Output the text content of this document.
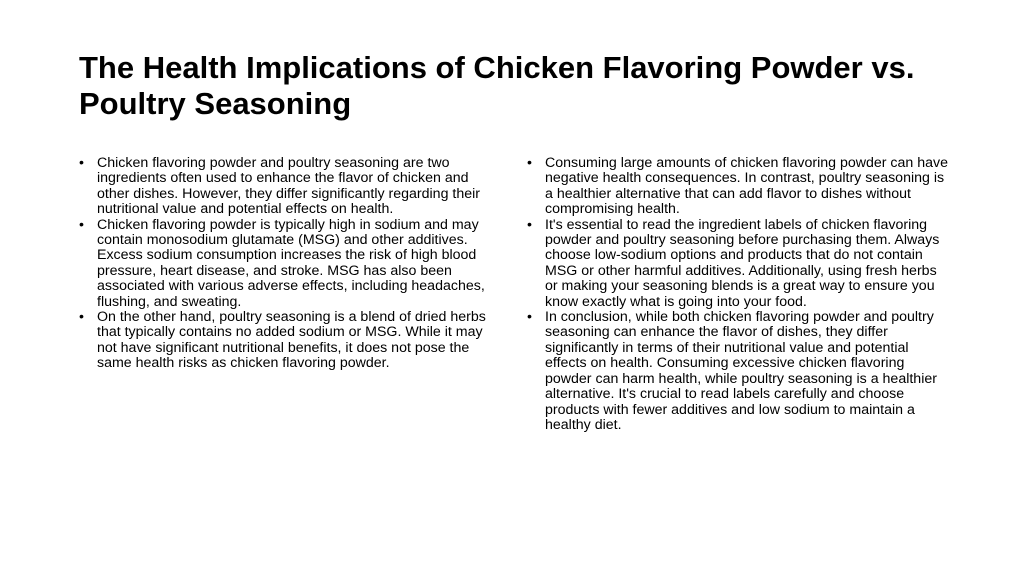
The Health Implications of Chicken Flavoring Powder vs. Poultry Seasoning
• Chicken flavoring powder and poultry seasoning are two ingredients often used to enhance the flavor of chicken and other dishes. However, they differ significantly regarding their nutritional value and potential effects on health.
• Chicken flavoring powder is typically high in sodium and may contain monosodium glutamate (MSG) and other additives. Excess sodium consumption increases the risk of high blood pressure, heart disease, and stroke. MSG has also been associated with various adverse effects, including headaches, flushing, and sweating.
• On the other hand, poultry seasoning is a blend of dried herbs that typically contains no added sodium or MSG. While it may not have significant nutritional benefits, it does not pose the same health risks as chicken flavoring powder.
• Consuming large amounts of chicken flavoring powder can have negative health consequences. In contrast, poultry seasoning is a healthier alternative that can add flavor to dishes without compromising health.
• It's essential to read the ingredient labels of chicken flavoring powder and poultry seasoning before purchasing them. Always choose low-sodium options and products that do not contain MSG or other harmful additives. Additionally, using fresh herbs or making your seasoning blends is a great way to ensure you know exactly what is going into your food.
• In conclusion, while both chicken flavoring powder and poultry seasoning can enhance the flavor of dishes, they differ significantly in terms of their nutritional value and potential effects on health. Consuming excessive chicken flavoring powder can harm health, while poultry seasoning is a healthier alternative. It's crucial to read labels carefully and choose products with fewer additives and low sodium to maintain a healthy diet.
